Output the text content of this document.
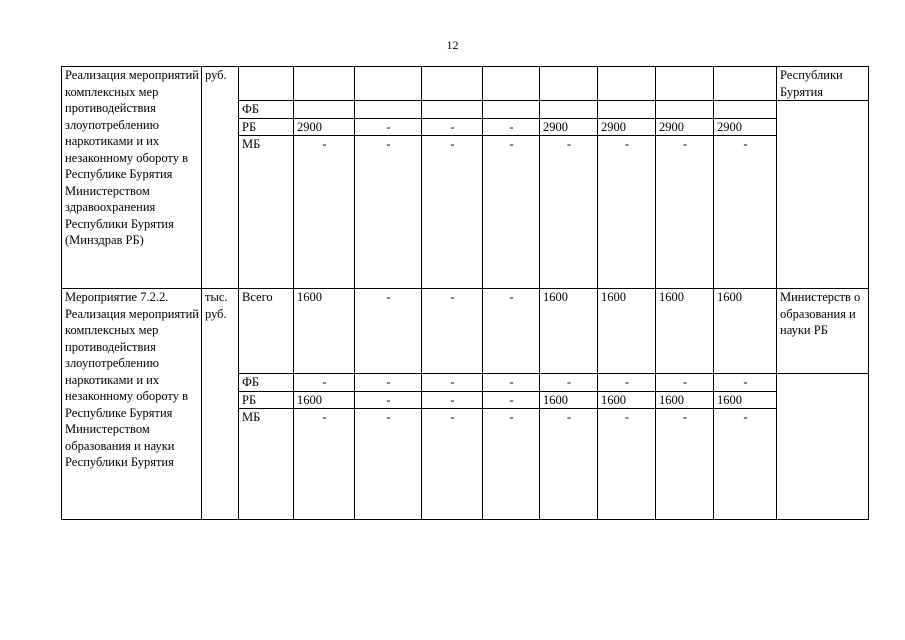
12
Реализация мероприятий комплексных мер противодействия злоупотреблению наркотиками и их незаконному обороту в Республике Бурятия Министерством здравоохранения Республики Бурятия (Минздрав РБ)	руб.										Республики Бурятия
		ФБ									
		РБ	2900	-	-	-	2900	2900	2900	2900	
		МБ	-	-	-	-	-	-	-	-	
Мероприятие 7.2.2. Реализация мероприятий комплексных мер противодействия злоупотреблению наркотиками и их незаконному обороту в Республике Бурятия Министерством образования и науки Республики Бурятия	тыс. руб.	Всего	1600	-	-	-	1600	1600	1600	1600	Министерств о образования и науки РБ
		ФБ	-	-	-	-	-	-	-	-	
		РБ	1600	-	-	-	1600	1600	1600	1600	
		МБ	-	-	-	-	-	-	-	-	
